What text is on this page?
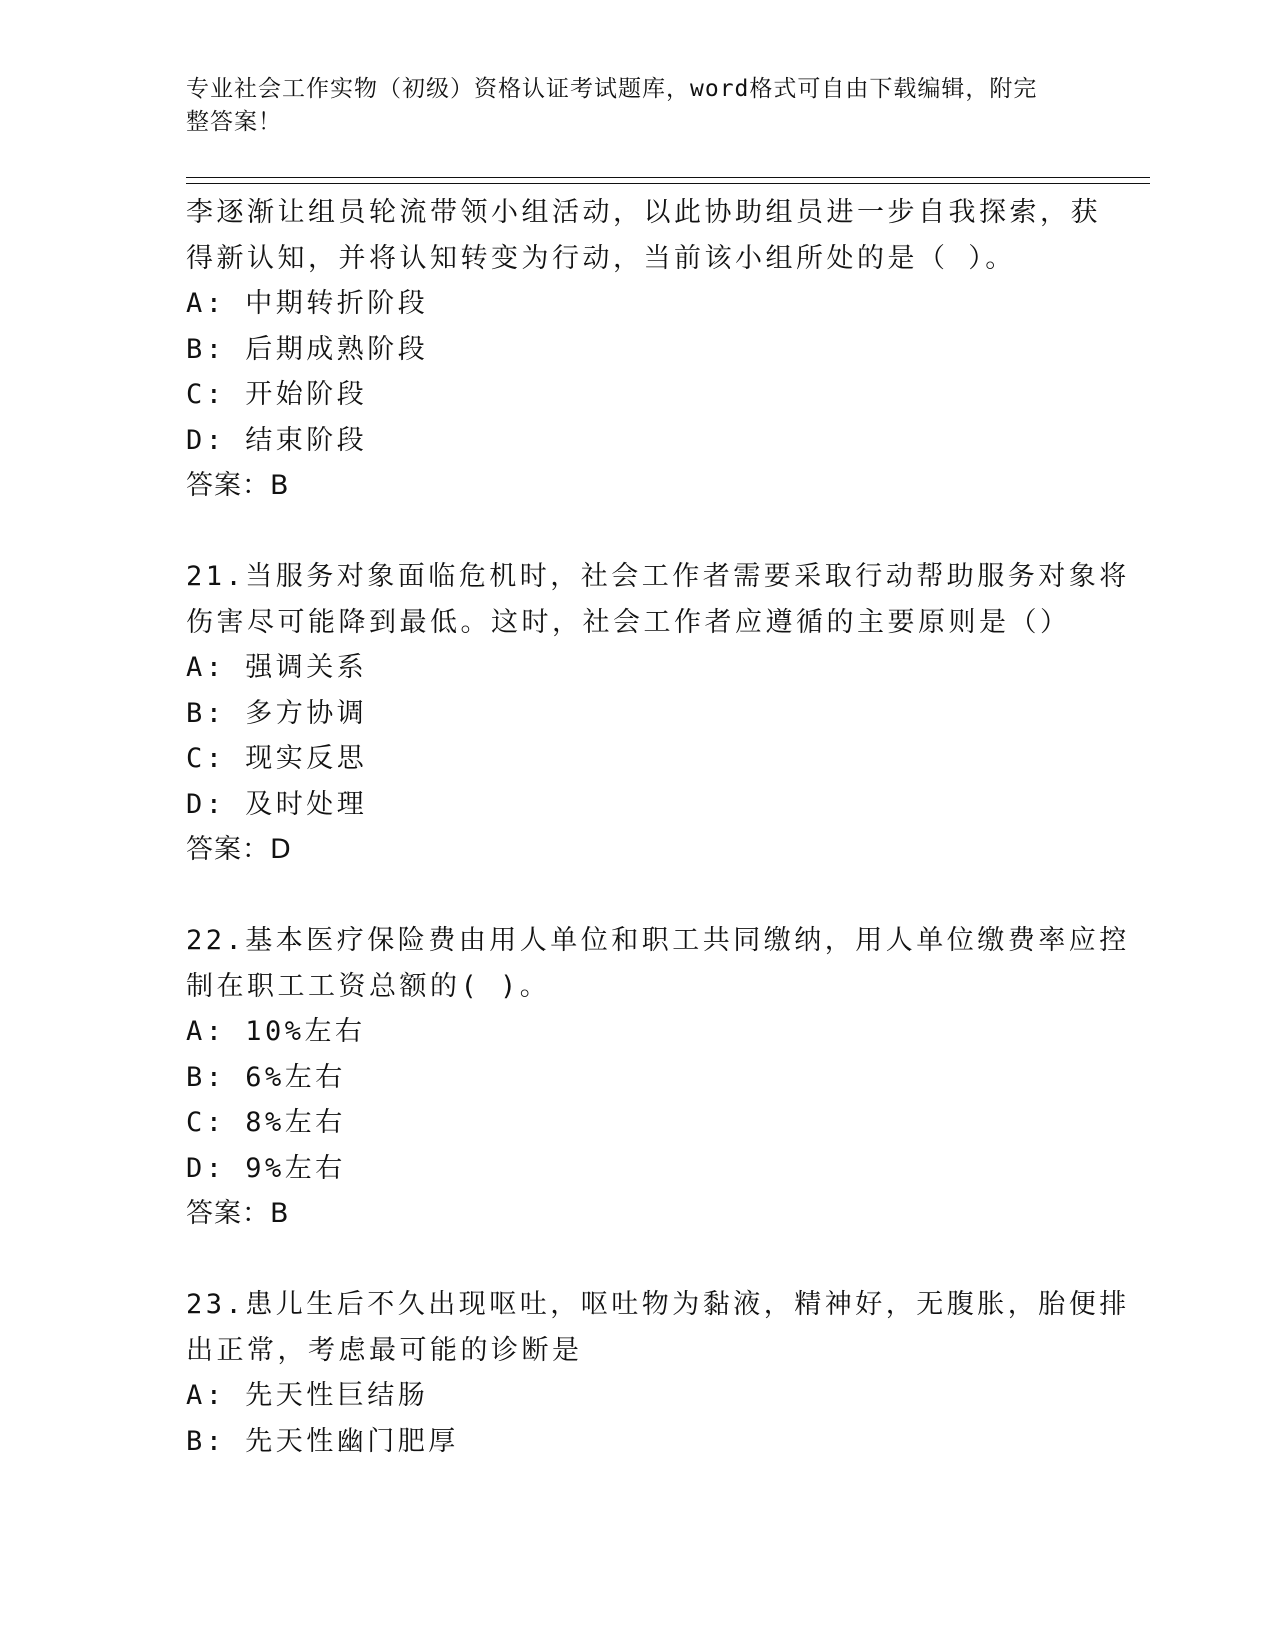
专业社会工作实物（初级）资格认证考试题库，word格式可自由下载编辑，附完
整答案！
李逐渐让组员轮流带领小组活动，以此协助组员进一步自我探索，获
得新认知，并将认知转变为行动，当前该小组所处的是（ ）。
A: 中期转折阶段
B: 后期成熟阶段
C: 开始阶段
D: 结束阶段
答案：B
21.当服务对象面临危机时，社会工作者需要采取行动帮助服务对象将
伤害尽可能降到最低。这时，社会工作者应遵循的主要原则是（）
A: 强调关系
B: 多方协调
C: 现实反思
D: 及时处理
答案：D
22.基本医疗保险费由用人单位和职工共同缴纳，用人单位缴费率应控
制在职工工资总额的( )。
A: 10%左右
B: 6%左右
C: 8%左右
D: 9%左右
答案：B
23.患儿生后不久出现呕吐，呕吐物为黏液，精神好，无腹胀，胎便排
出正常，考虑最可能的诊断是
A: 先天性巨结肠
B: 先天性幽门肥厚
